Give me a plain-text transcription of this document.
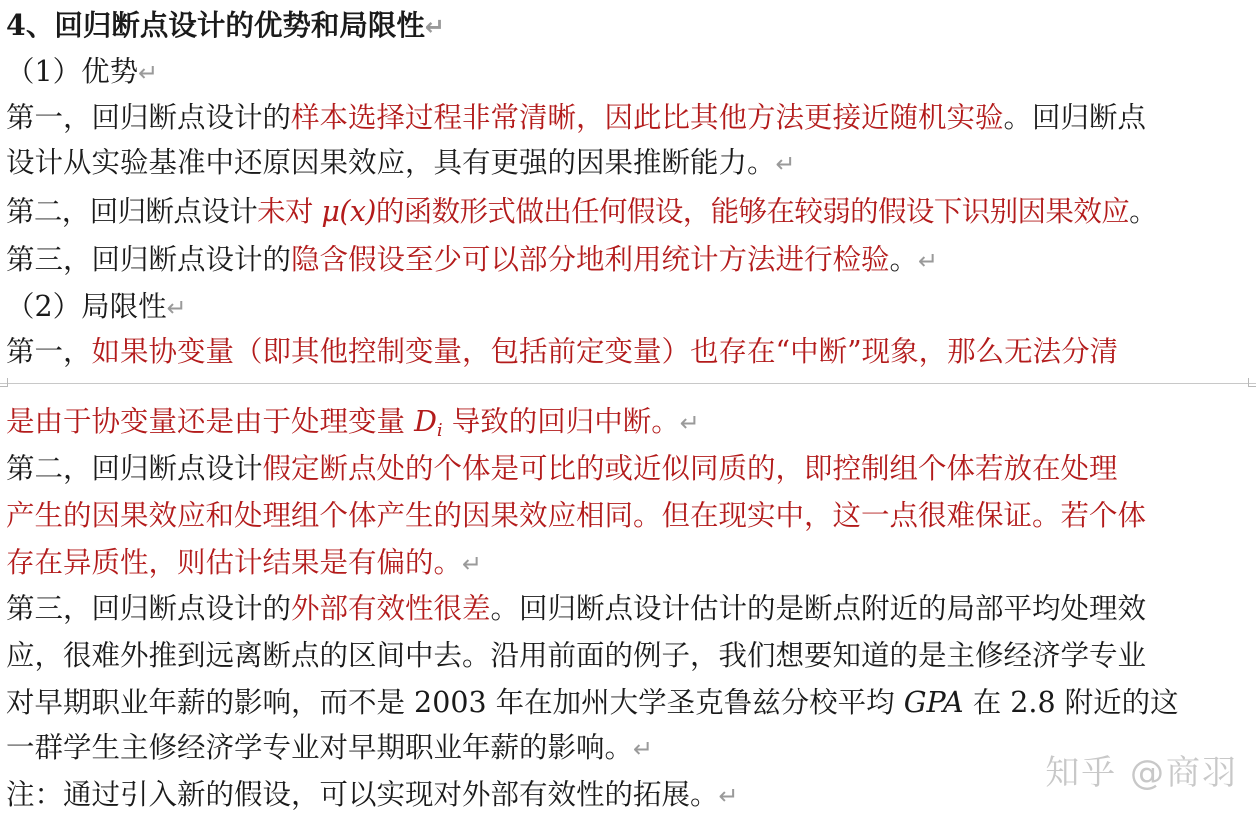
4、回归断点设计的优势和局限性↵
（1）优势↵
第一，回归断点设计的样本选择过程非常清晰，因此比其他方法更接近随机实验。回归断点
设计从实验基准中还原因果效应，具有更强的因果推断能力。↵
第二，回归断点设计未对 μ(x)的函数形式做出任何假设，能够在较弱的假设下识别因果效应。
第三，回归断点设计的隐含假设至少可以部分地利用统计方法进行检验。↵
（2）局限性↵
第一，如果协变量（即其他控制变量，包括前定变量）也存在“中断”现象，那么无法分清
是由于协变量还是由于处理变量 $D_i$ 导致的回归中断。↵
第二，回归断点设计假定断点处的个体是可比的或近似同质的，即控制组个体若放在处理
产生的因果效应和处理组个体产生的因果效应相同。但在现实中，这一点很难保证。若个体
存在异质性，则估计结果是有偏的。↵
第三，回归断点设计的外部有效性很差。回归断点设计估计的是断点附近的局部平均处理效
应，很难外推到远离断点的区间中去。沿用前面的例子，我们想要知道的是主修经济学专业
对早期职业年薪的影响，而不是 2003 年在加州大学圣克鲁兹分校平均 GPA 在 2.8 附近的这
一群学生主修经济学专业对早期职业年薪的影响。↵
注：通过引入新的假设，可以实现对外部有效性的拓展。↵
知乎 @商羽
